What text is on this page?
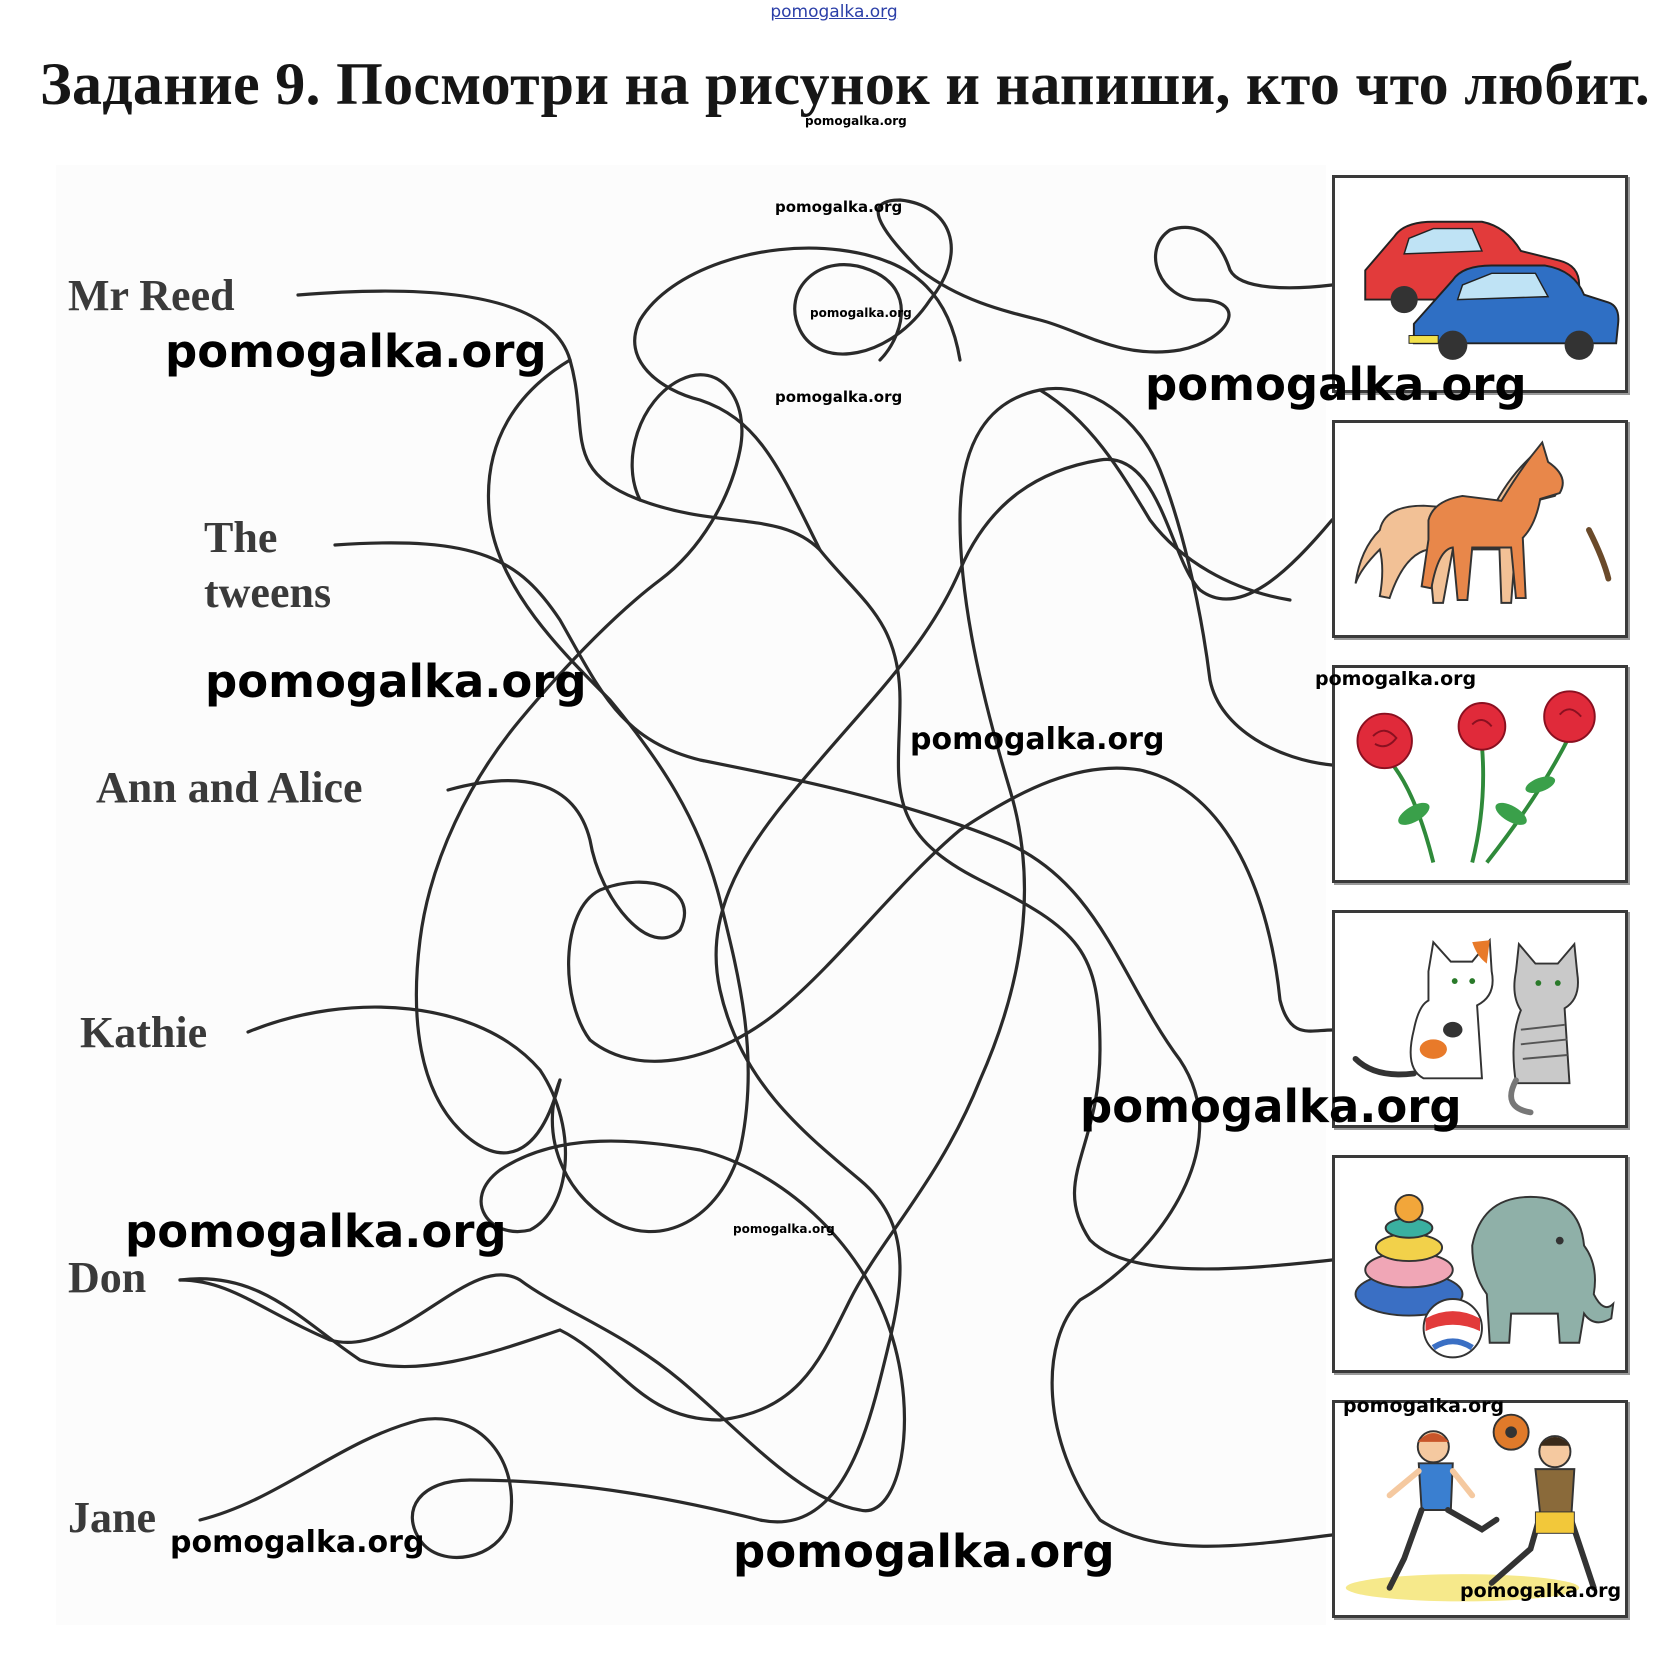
pomogalka.org
Задание 9. Посмотри на рисунок и напиши, кто что любит.
Mr Reed
The
tweens
Ann and Alice
Kathie
Don
Jane
pomogalka.org
pomogalka.org
pomogalka.org
pomogalka.org
pomogalka.org
pomogalka.org
pomogalka.org	pomogalka.org
pomogalka.org
pomogalka.org
pomogalka.org
pomogalka.org
pomogalka.org
pomogalka.org	pomogalka.org
pomogalka.org
